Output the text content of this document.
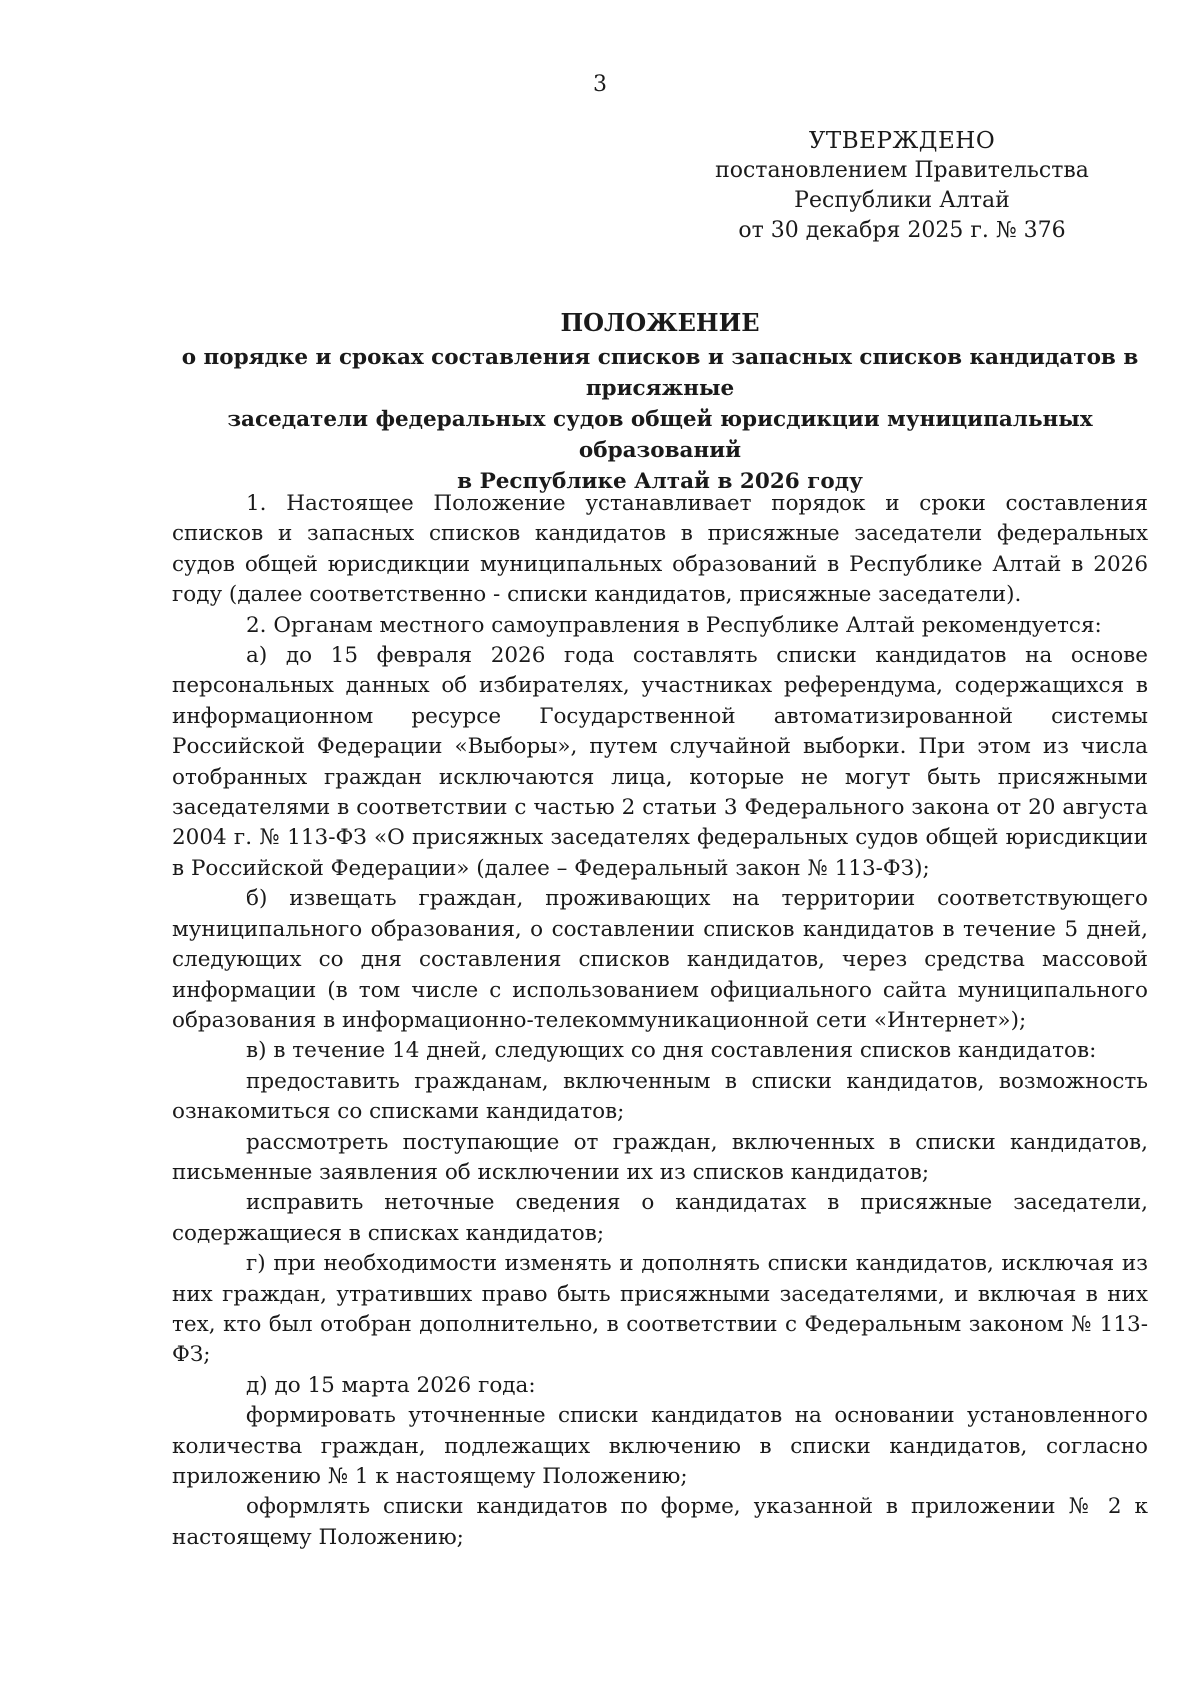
3
УТВЕРЖДЕНО
постановлением Правительства
Республики Алтай
от 30 декабря 2025 г. № 376
ПОЛОЖЕНИЕ
о порядке и сроках составления списков и запасных списков кандидатов в присяжные
заседатели федеральных судов общей юрисдикции муниципальных образований
в Республике Алтай в 2026 году

1. Настоящее Положение устанавливает порядок и сроки составления списков и запасных списков кандидатов в присяжные заседатели федеральных судов общей юрисдикции муниципальных образований в Республике Алтай в 2026 году (далее соответственно - списки кандидатов, присяжные заседатели).

2. Органам местного самоуправления в Республике Алтай рекомендуется:

а) до 15 февраля 2026 года составлять списки кандидатов на основе персональных данных об избирателях, участниках референдума, содержащихся в информационном ресурсе Государственной автоматизированной системы Российской Федерации «Выборы», путем случайной выборки. При этом из числа отобранных граждан исключаются лица, которые не могут быть присяжными заседателями в соответствии с частью 2 статьи 3 Федерального закона от 20 августа 2004 г. № 113-ФЗ «О присяжных заседателях федеральных судов общей юрисдикции в Российской Федерации» (далее – Федеральный закон № 113-ФЗ);

б) извещать граждан, проживающих на территории соответствующего муниципального образования, о составлении списков кандидатов в течение 5 дней, следующих со дня составления списков кандидатов, через средства массовой информации (в том числе с использованием официального сайта муниципального образования в информационно-телекоммуникационной сети «Интернет»);

в) в течение 14 дней, следующих со дня составления списков кандидатов:

предоставить гражданам, включенным в списки кандидатов, возможность ознакомиться со списками кандидатов;

рассмотреть поступающие от граждан, включенных в списки кандидатов, письменные заявления об исключении их из списков кандидатов;

исправить неточные сведения о кандидатах в присяжные заседатели, содержащиеся в списках кандидатов;

г) при необходимости изменять и дополнять списки кандидатов, исключая из них граждан, утративших право быть присяжными заседателями, и включая в них тех, кто был отобран дополнительно, в соответствии с Федеральным законом № 113-ФЗ;

д) до 15 марта 2026 года:

формировать уточненные списки кандидатов на основании установленного количества граждан, подлежащих включению в списки кандидатов, согласно приложению № 1 к настоящему Положению;

оформлять списки кандидатов по форме, указанной в приложении № 2 к настоящему Положению;
